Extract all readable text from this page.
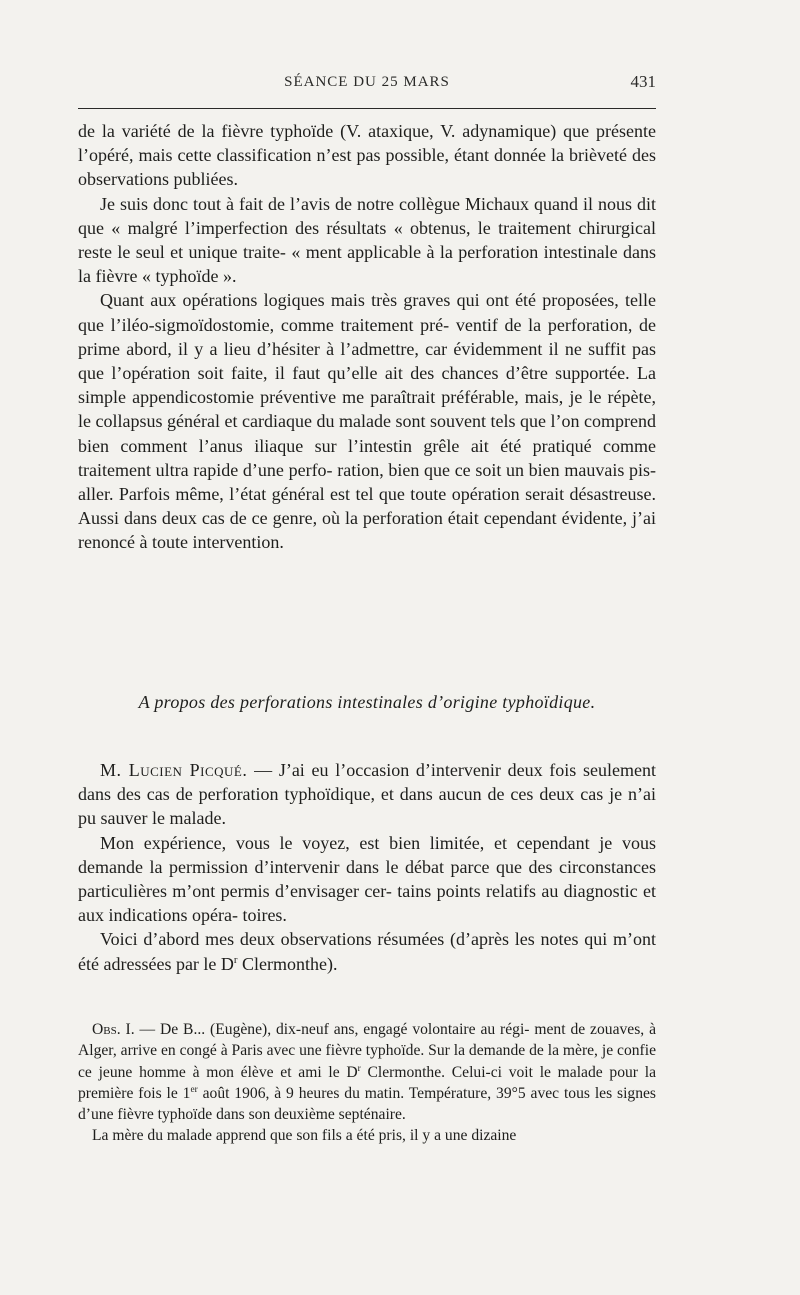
SÉANCE DU 25 MARS	431

de la variété de la fièvre typhoïde (V. ataxique, V. adynamique) que présente l’opéré, mais cette classification n’est pas possible, étant donnée la brièveté des observations publiées.

Je suis donc tout à fait de l’avis de notre collègue Michaux quand il nous dit que « malgré l’imperfection des résultats « obtenus, le traitement chirurgical reste le seul et unique traite- « ment applicable à la perforation intestinale dans la fièvre « typhoïde ».

Quant aux opérations logiques mais très graves qui ont été proposées, telle que l’iléo-sigmoïdostomie, comme traitement pré- ventif de la perforation, de prime abord, il y a lieu d’hésiter à l’admettre, car évidemment il ne suffit pas que l’opération soit faite, il faut qu’elle ait des chances d’être supportée. La simple appendicostomie préventive me paraîtrait préférable, mais, je le répète, le collapsus général et cardiaque du malade sont souvent tels que l’on comprend bien comment l’anus iliaque sur l’intestin grêle ait été pratiqué comme traitement ultra rapide d’une perfo- ration, bien que ce soit un bien mauvais pis-aller. Parfois même, l’état général est tel que toute opération serait désastreuse. Aussi dans deux cas de ce genre, où la perforation était cependant évidente, j’ai renoncé à toute intervention.

A propos des perforations intestinales d’origine typhoïdique.

M. Lucien Picqué. — J’ai eu l’occasion d’intervenir deux fois seulement dans des cas de perforation typhoïdique, et dans aucun de ces deux cas je n’ai pu sauver le malade.

Mon expérience, vous le voyez, est bien limitée, et cependant je vous demande la permission d’intervenir dans le débat parce que des circonstances particulières m’ont permis d’envisager cer- tains points relatifs au diagnostic et aux indications opéra- toires.

Voici d’abord mes deux observations résumées (d’après les notes qui m’ont été adressées par le $D^r$ Clermonthe).

Obs. I. — De B... (Eugène), dix-neuf ans, engagé volontaire au régi- ment de zouaves, à Alger, arrive en congé à Paris avec une fièvre typhoïde. Sur la demande de la mère, je confie ce jeune homme à mon élève et ami le $D^r$ Clermonthe. Celui-ci voit le malade pour la première fois le 1er août 1906, à 9 heures du matin. Température, 39°5 avec tous les signes d’une fièvre typhoïde dans son deuxième septénaire.

La mère du malade apprend que son fils a été pris, il y a une dizaine
